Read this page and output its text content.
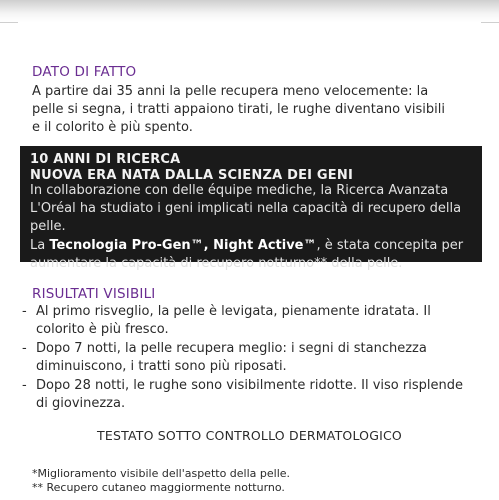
DATO DI FATTO
A partire dai 35 anni la pelle recupera meno velocemente: la
pelle si segna, i tratti appaiono tirati, le rughe diventano visibili
e il colorito è più spento.
10 ANNI DI RICERCA
NUOVA ERA NATA DALLA SCIENZA DEI GENI
In collaborazione con delle équipe mediche, la Ricerca Avanzata
L'Oréal ha studiato i geni implicati nella capacità di recupero della
pelle.
La Tecnologia Pro-Gen™, Night Active™, è stata concepita per
aumentare la capacità di recupero notturno** della pelle.
RISULTATI VISIBILI
- Al primo risveglio, la pelle è levigata, pienamente idratata. Il
colorito è più fresco.
- Dopo 7 notti, la pelle recupera meglio: i segni di stanchezza
diminuiscono, i tratti sono più riposati.
- Dopo 28 notti, le rughe sono visibilmente ridotte. Il viso risplende
di giovinezza.
TESTATO SOTTO CONTROLLO DERMATOLOGICO
*Miglioramento visibile dell'aspetto della pelle.
** Recupero cutaneo maggiormente notturno.
